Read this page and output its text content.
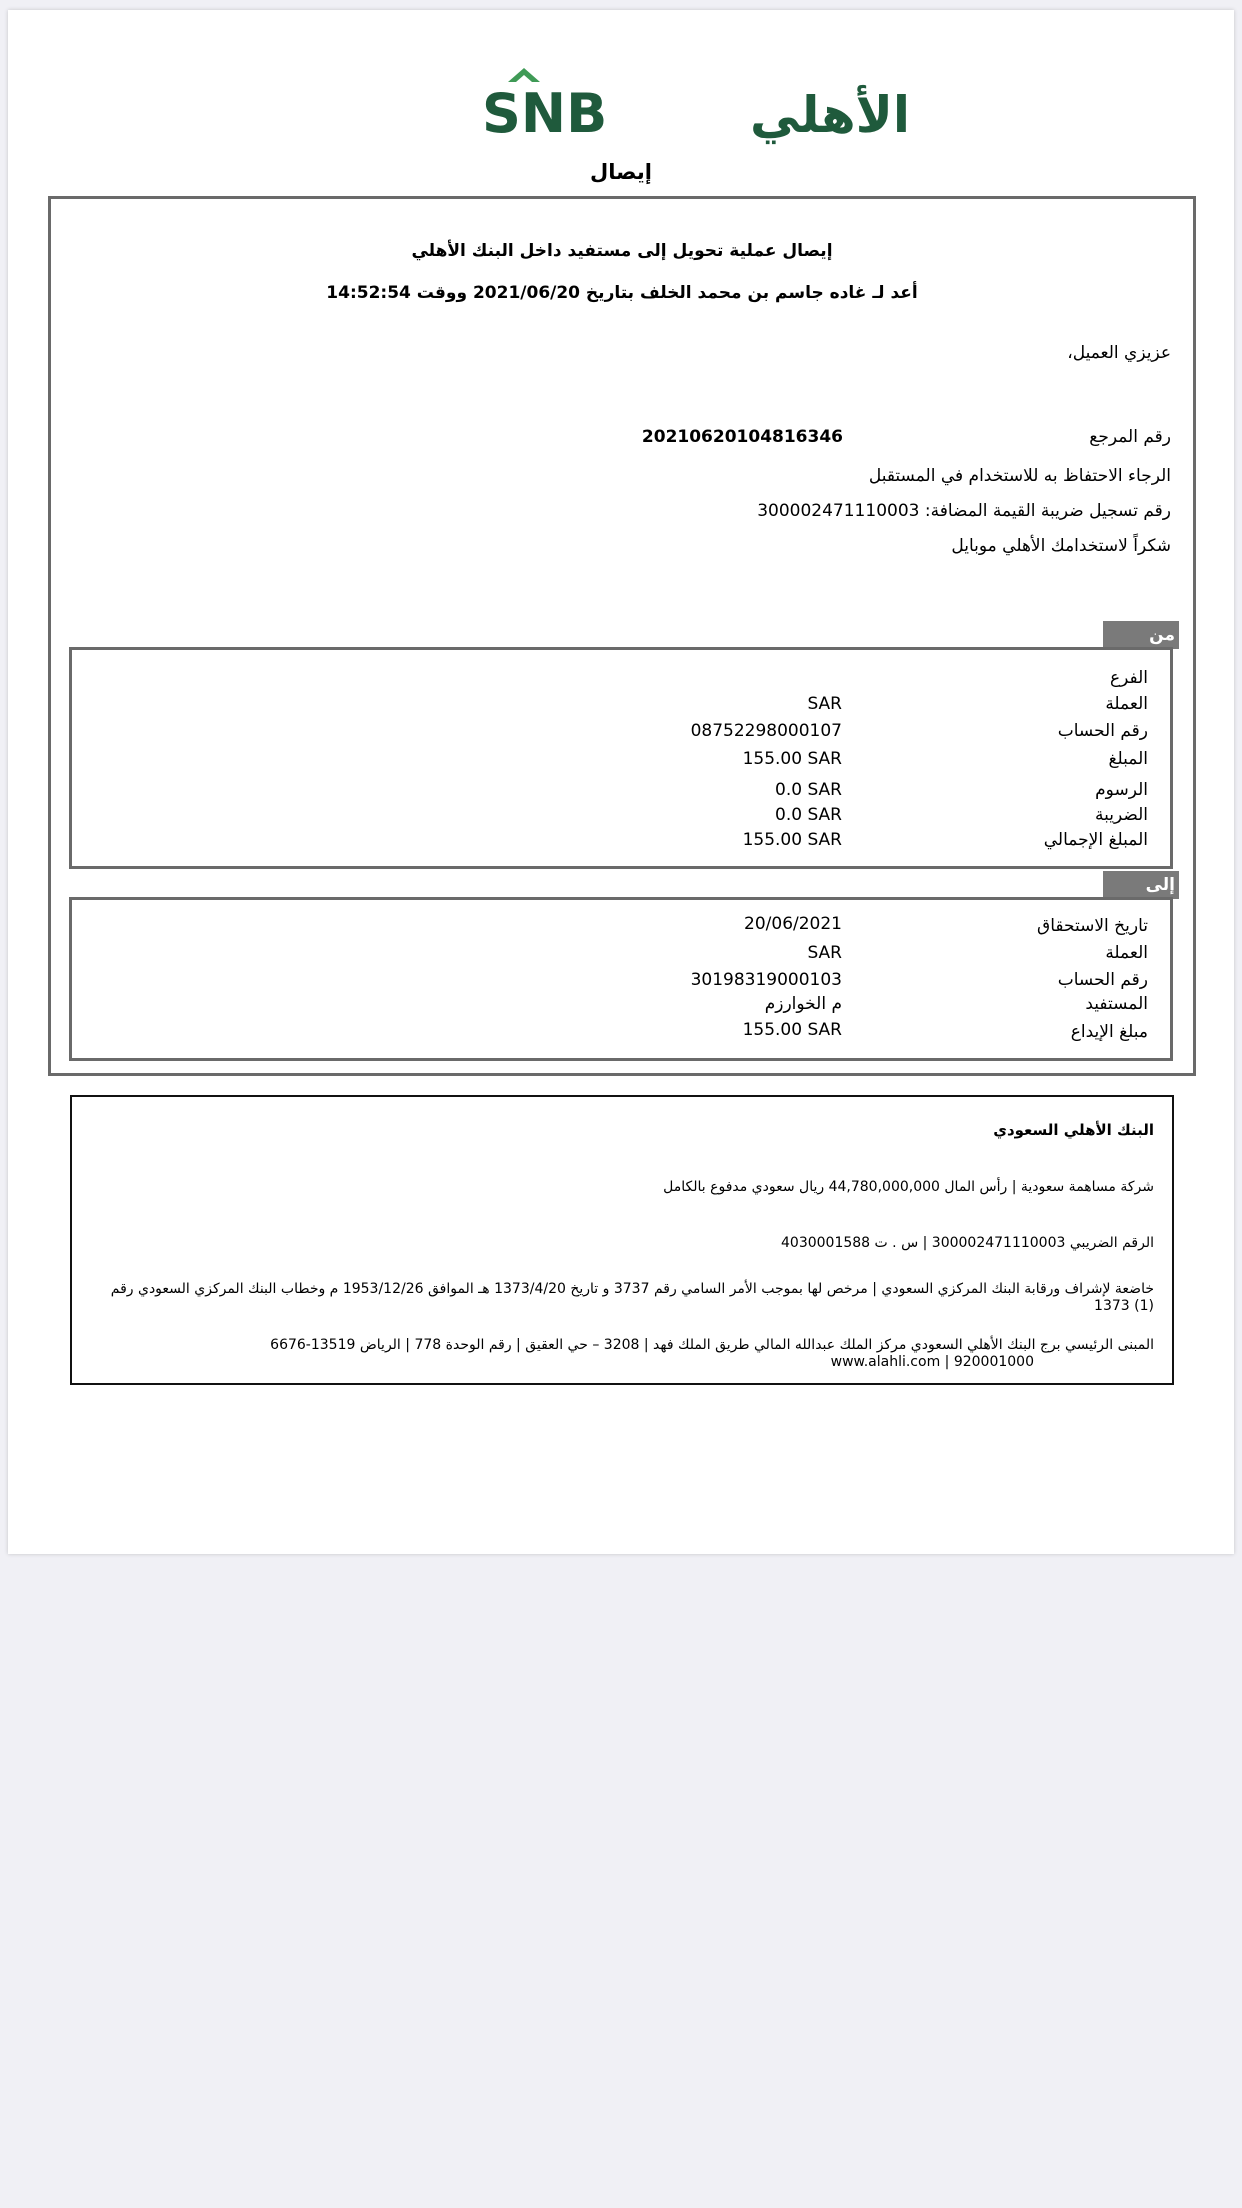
SNB	الأهلي
إيصال
إيصال عملية تحويل إلى مستفيد داخل البنك الأهلي
أعد لـ غاده جاسم بن محمد الخلف بتاريخ 2021/06/20 ووقت 14:52:54
عزيزي العميل،
رقم المرجع
20210620104816346
الرجاء الاحتفاظ به للاستخدام في المستقبل
رقم تسجيل ضريبة القيمة المضافة: 300002471110003
شكراً لاستخدامك الأهلي موبايل
من
الفرع
العملة
SAR
رقم الحساب
08752298000107
المبلغ
155.00 SAR
الرسوم
0.0 SAR
الضريبة
0.0 SAR
المبلغ الإجمالي
155.00 SAR
إلى
تاريخ الاستحقاق
20/06/2021
العملة
SAR
رقم الحساب
30198319000103
المستفيد
م الخوارزم
مبلغ الإيداع
155.00 SAR
البنك الأهلي السعودي
شركة مساهمة سعودية | رأس المال 44,780,000,000 ريال سعودي مدفوع بالكامل
الرقم الضريبي 300002471110003 | س . ت 4030001588
خاضعة لإشراف ورقابة البنك المركزي السعودي | مرخص لها بموجب الأمر السامي رقم 3737 و تاريخ 1373/4/20 هـ الموافق 1953/12/26 م وخطاب البنك المركزي السعودي رقم (1) 1373
المبنى الرئيسي برج البنك الأهلي السعودي مركز الملك عبدالله المالي طريق الملك فهد | 3208 – حي العقيق | رقم الوحدة 778 | الرياض 13519-6676
www.alahli.com | 920001000
